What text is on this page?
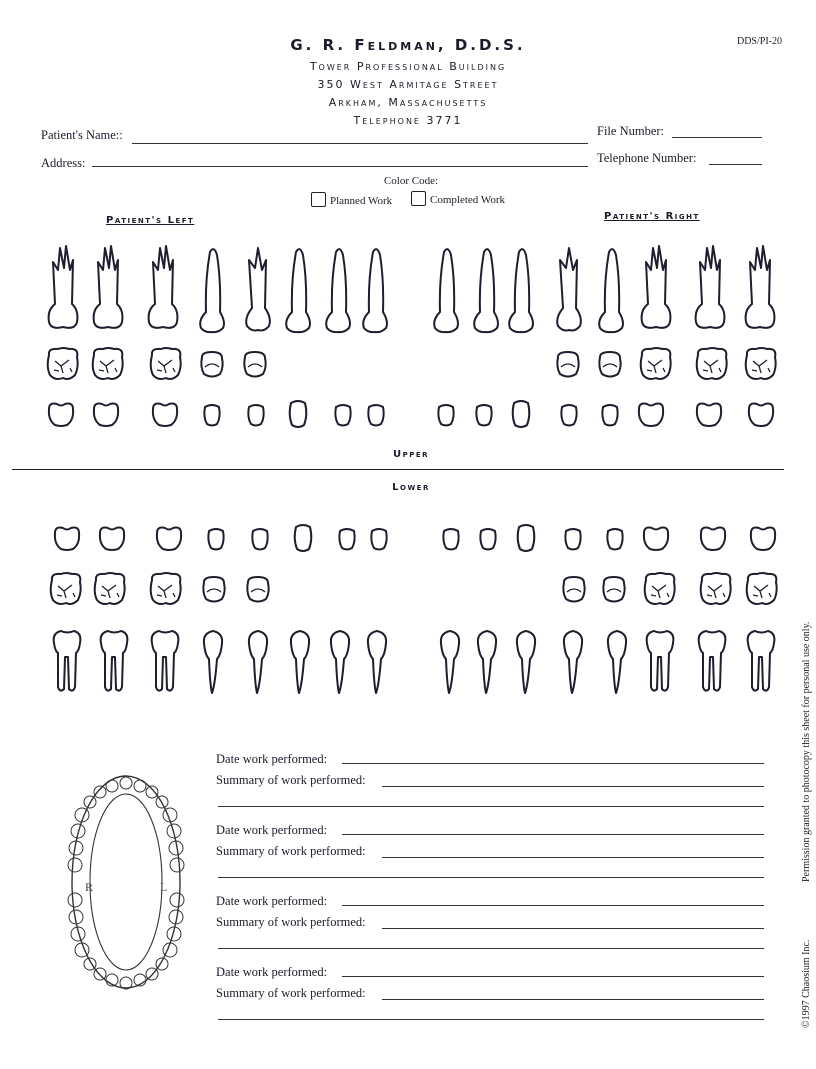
G. R. Feldman, D.D.S.
Tower Professional Building
350 West Armitage Street
Arkham, Massachusetts
Telephone 3771
DDS/PI-20
Patient's Name::	File Number:
Address:	Telephone Number:
Color Code:
Planned Work	Completed Work
Patient's Left	Patient's Right
Upper
Lower
R	L
Date work performed:
Summary of work performed:
Date work performed:
Summary of work performed:
Date work performed:
Summary of work performed:
Date work performed:
Summary of work performed:
Permission granted to photocopy this sheet for personal use only.
©1997 Chaosium Inc.
